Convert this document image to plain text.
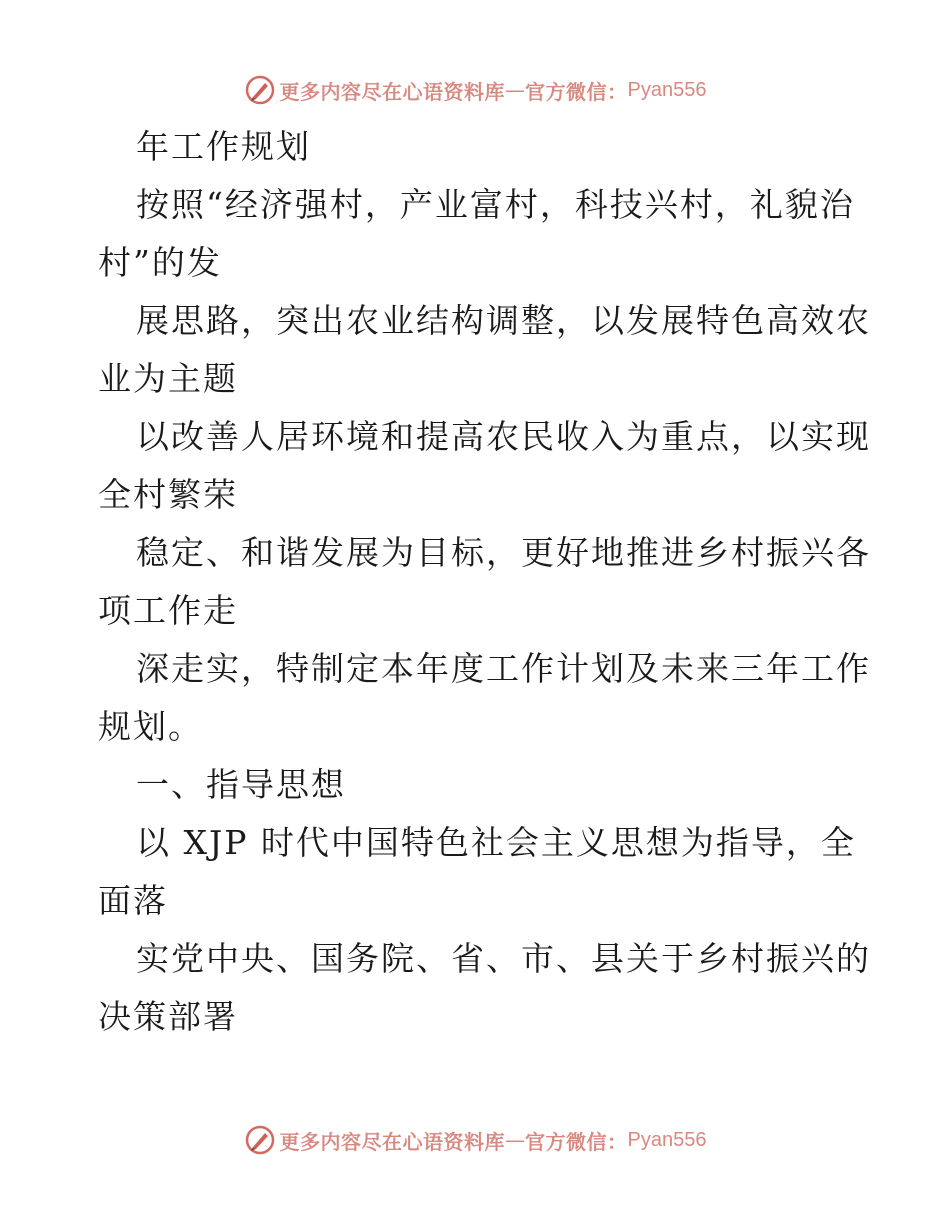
更多内容尽在心语资料库 — 官方微信： Pyan556
年工作规划
按照“经济强村，产业富村，科技兴村，礼貌治
村”的发
展思路，突出农业结构调整，以发展特色高效农
业为主题
以改善人居环境和提高农民收入为重点，以实现
全村繁荣
稳定、和谐发展为目标，更好地推进乡村振兴各
项工作走
深走实，特制定本年度工作计划及未来三年工作
规划。
一、指导思想
以 XJP 时代中国特色社会主义思想为指导，全
面落
实党中央、国务院、省、市、县关于乡村振兴的
决策部署
更多内容尽在心语资料库 — 官方微信： Pyan556
